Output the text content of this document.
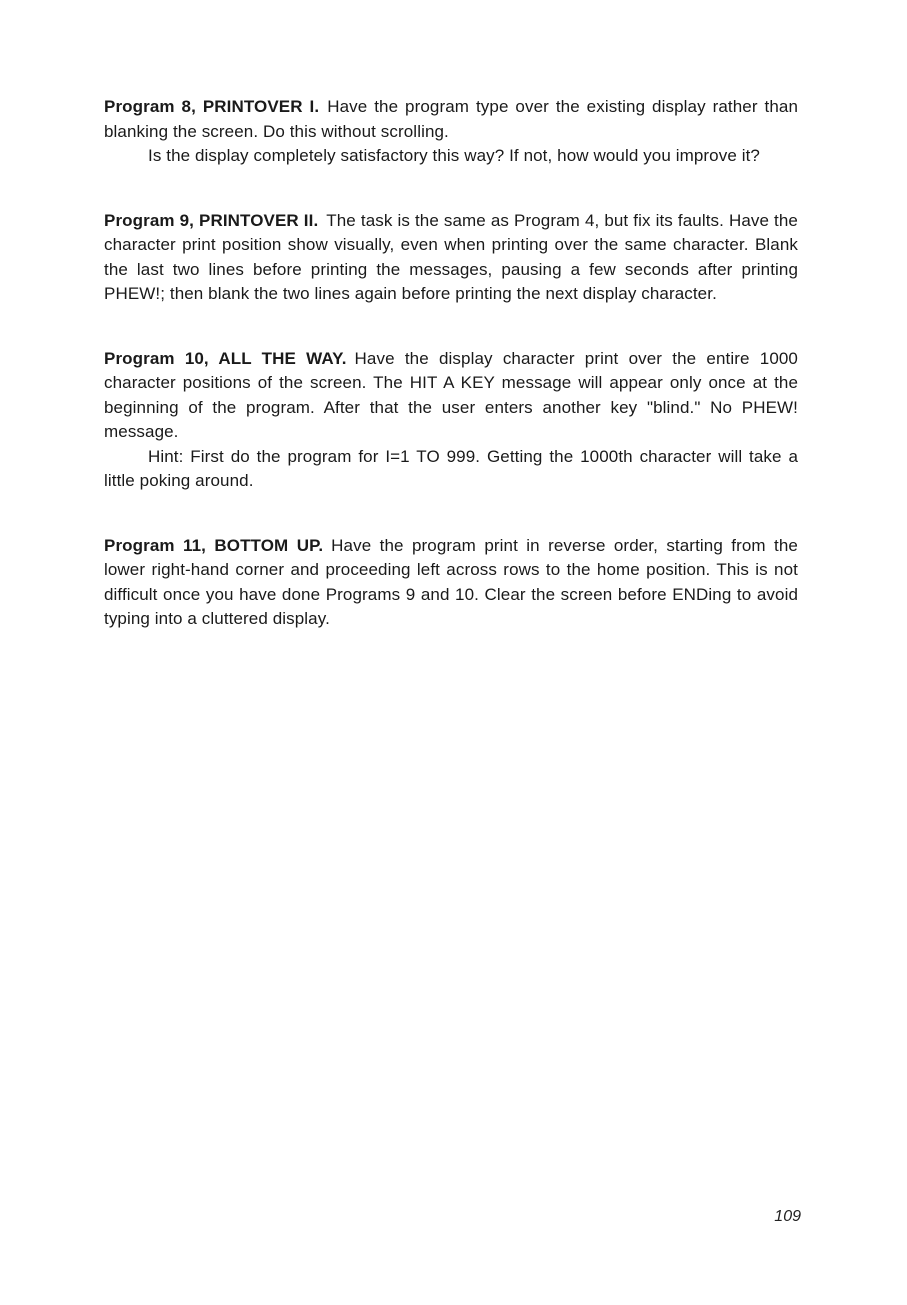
Program 8, PRINTOVER I. Have the program type over the existing display rather than blanking the screen. Do this without scrolling.

Is the display completely satisfactory this way? If not, how would you improve it?

Program 9, PRINTOVER II. The task is the same as Program 4, but fix its faults. Have the character print position show visually, even when printing over the same character. Blank the last two lines before printing the messages, pausing a few seconds after printing PHEW!; then blank the two lines again before printing the next display character.

Program 10, ALL THE WAY. Have the display character print over the entire 1000 character positions of the screen. The HIT A KEY message will appear only once at the beginning of the program. After that the user enters another key "blind." No PHEW! message.

Hint: First do the program for I=1 TO 999. Getting the 1000th character will take a little poking around.

Program 11, BOTTOM UP. Have the program print in reverse order, starting from the lower right-hand corner and proceeding left across rows to the home position. This is not difficult once you have done Programs 9 and 10. Clear the screen before ENDing to avoid typing into a cluttered display.

109
